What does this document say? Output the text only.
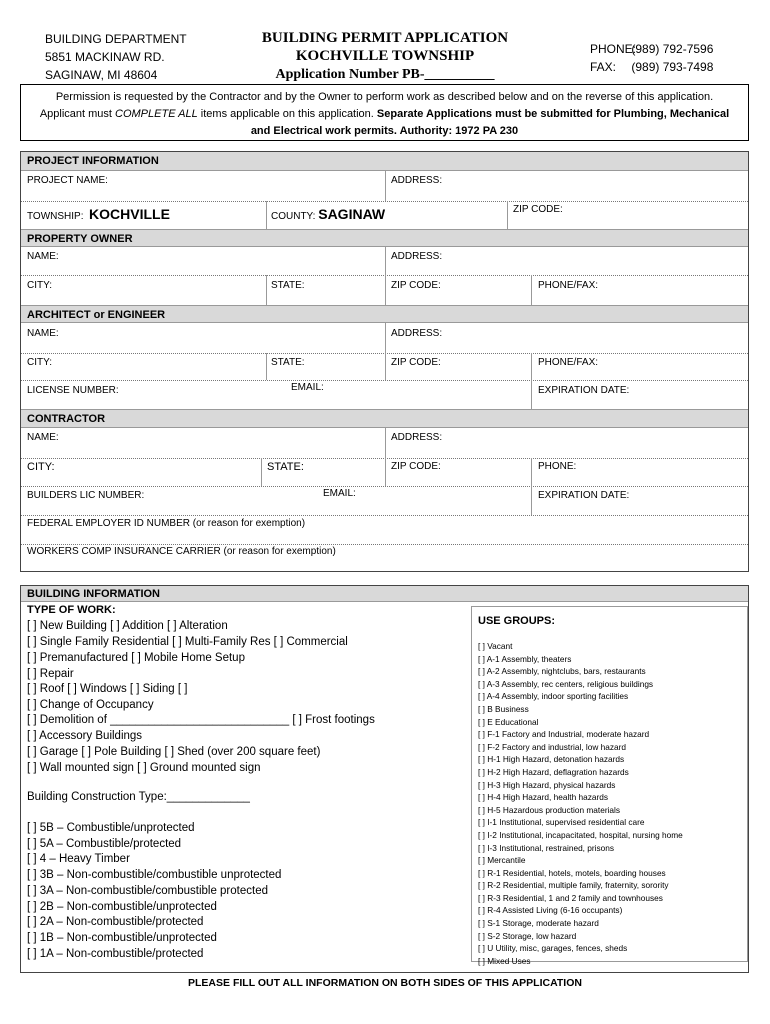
BUILDING DEPARTMENT
5851 MACKINAW RD.
SAGINAW, MI 48604
BUILDING PERMIT APPLICATION
KOCHVILLE TOWNSHIP
Application Number PB-__________
PHONE: (989) 792-7596
FAX: (989) 793-7498
Permission is requested by the Contractor and by the Owner to perform work as described below and on the reverse of this application.
Applicant must COMPLETE ALL items applicable on this application. Separate Applications must be submitted for Plumbing, Mechanical
and Electrical work permits. Authority: 1972 PA 230
PROJECT INFORMATION
PROJECT NAME:	ADDRESS:
TOWNSHIP: KOCHVILLE	COUNTY: SAGINAW	ZIP CODE:
PROPERTY OWNER
NAME:	ADDRESS:
CITY:	STATE:	ZIP CODE:	PHONE/FAX:
ARCHITECT or ENGINEER
NAME:	ADDRESS:
CITY:	STATE:	ZIP CODE:	PHONE/FAX:
LICENSE NUMBER:	EMAIL:	EXPIRATION DATE:
CONTRACTOR
NAME:	ADDRESS:
CITY:	STATE:	ZIP CODE:	PHONE:
BUILDERS LIC NUMBER:	EMAIL:	EXPIRATION DATE:
FEDERAL EMPLOYER ID NUMBER (or reason for exemption)
WORKERS COMP INSURANCE CARRIER (or reason for exemption)
BUILDING INFORMATION
TYPE OF WORK:
[ ] New Building [ ] Addition [ ] Alteration
[ ] Single Family Residential [ ] Multi-Family Res [ ] Commercial
[ ] Premanufactured [ ] Mobile Home Setup
[ ] Repair
[ ] Roof [ ] Windows [ ] Siding [ ]
[ ] Change of Occupancy
[ ] Demolition of ____________________________ [ ] Frost footings
[ ] Accessory Buildings
[ ] Garage [ ] Pole Building [ ] Shed (over 200 square feet)
[ ] Wall mounted sign [ ] Ground mounted sign
Building Construction Type:_____________
[ ] 5B – Combustible/unprotected
[ ] 5A – Combustible/protected
[ ] 4 – Heavy Timber
[ ] 3B – Non-combustible/combustible unprotected
[ ] 3A – Non-combustible/combustible protected
[ ] 2B – Non-combustible/unprotected
[ ] 2A – Non-combustible/protected
[ ] 1B – Non-combustible/unprotected
[ ] 1A – Non-combustible/protected
USE GROUPS:
[ ] Vacant
[ ] A-1 Assembly, theaters
[ ] A-2 Assembly, nightclubs, bars, restaurants
[ ] A-3 Assembly, rec centers, religious buildings
[ ] A-4 Assembly, indoor sporting facilities
[ ] B Business
[ ] E Educational
[ ] F-1 Factory and Industrial, moderate hazard
[ ] F-2 Factory and industrial, low hazard
[ ] H-1 High Hazard, detonation hazards
[ ] H-2 High Hazard, deflagration hazards
[ ] H-3 High Hazard, physical hazards
[ ] H-4 High Hazard, health hazards
[ ] H-5 Hazardous production materials
[ ] I-1 Institutional, supervised residential care
[ ] I-2 Institutional, incapacitated, hospital, nursing home
[ ] I-3 Institutional, restrained, prisons
[ ] Mercantile
[ ] R-1 Residential, hotels, motels, boarding houses
[ ] R-2 Residential, multiple family, fraternity, sorority
[ ] R-3 Residential, 1 and 2 family and townhouses
[ ] R-4 Assisted Living (6-16 occupants)
[ ] S-1 Storage, moderate hazard
[ ] S-2 Storage, low hazard
[ ] U Utility, misc, garages, fences, sheds
[ ] Mixed Uses
PLEASE FILL OUT ALL INFORMATION ON BOTH SIDES OF THIS APPLICATION
